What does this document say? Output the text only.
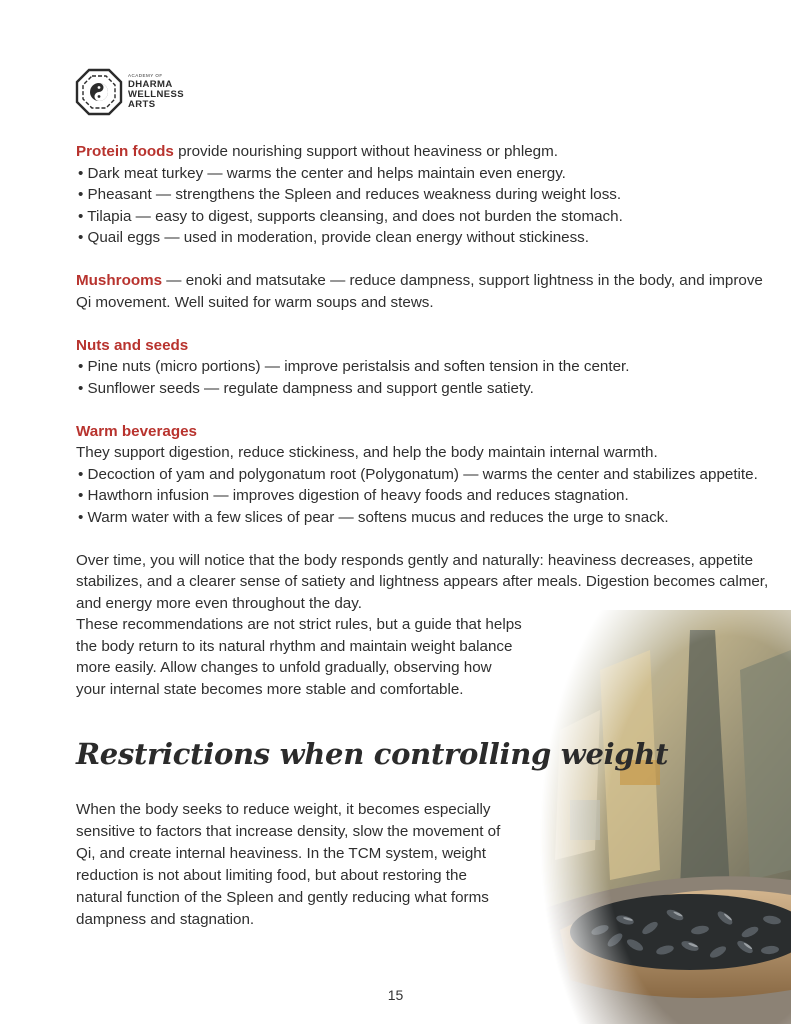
ACADEMY OF
DHARMA
WELLNESS
ARTS

Protein foods provide nourishing support without heaviness or phlegm.

• Dark meat turkey — warms the center and helps maintain even energy.

• Pheasant — strengthens the Spleen and reduces weakness during weight loss.

• Tilapia — easy to digest, supports cleansing, and does not burden the stomach.

• Quail eggs — used in moderation, provide clean energy without stickiness.

Mushrooms — enoki and matsutake — reduce dampness, support lightness in the body, and improve Qi movement. Well suited for warm soups and stews.

Nuts and seeds

• Pine nuts (micro portions) — improve peristalsis and soften tension in the center.

• Sunflower seeds — regulate dampness and support gentle satiety.

Warm beverages

They support digestion, reduce stickiness, and help the body maintain internal warmth.

• Decoction of yam and polygonatum root (Polygonatum) — warms the center and stabilizes appetite.

• Hawthorn infusion — improves digestion of heavy foods and reduces stagnation.

• Warm water with a few slices of pear — softens mucus and reduces the urge to snack.

Over time, you will notice that the body responds gently and naturally: heaviness decreases, appetite stabilizes, and a clearer sense of satiety and lightness appears after meals. Digestion becomes calmer, and energy more even throughout the day.

These recommendations are not strict rules, but a guide that helps

the body return to its natural rhythm and maintain weight balance

more easily. Allow changes to unfold gradually, observing how

your internal state becomes more stable and comfortable.

Restrictions when controlling weight

When the body seeks to reduce weight, it becomes especially sensitive to factors that increase density, slow the movement of Qi, and create internal heaviness. In the TCM system, weight reduction is not about limiting food, but about restoring the natural function of the Spleen and gently reducing what forms dampness and stagnation.

15
